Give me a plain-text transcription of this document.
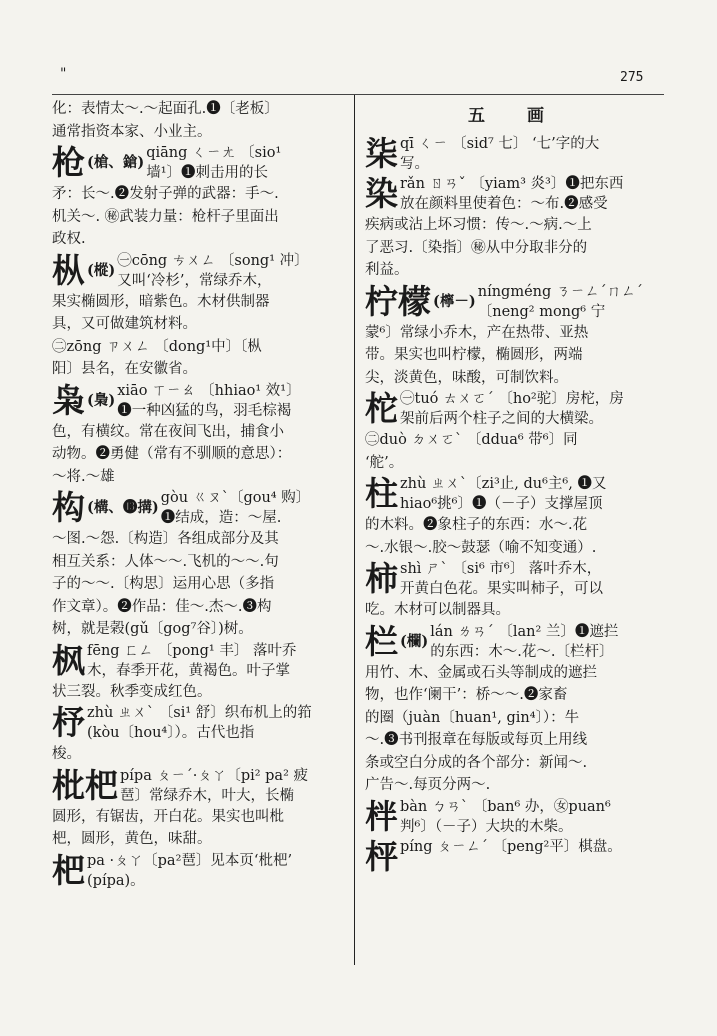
"	275
化：表情太～.～起面孔.❶〔老板〕
通常指资本家、小业主。
枪 (槍、鎗)
qiāng ㄑㄧㄤ 〔sio¹
墙¹〕❶刺击用的长
矛：长～.❷发射子弹的武器：手～.
机关～. ㊙武装力量：枪杆子里面出
政权.
枞 (樅)
㊀cōng ㄘㄨㄥ 〔song¹ 冲〕
又叫‘冷杉’，常绿乔木，
果实椭圆形，暗紫色。木材供制器
具，又可做建筑材料。
㊁zōng ㄗㄨㄥ 〔dong¹中〕〔枞
阳〕县名，在安徽省。
枭 (梟)
xiāo ㄒㄧㄠ 〔hhiao¹ 效¹〕
❶一种凶猛的鸟，羽毛棕褐
色，有横纹。常在夜间飞出，捕食小
动物。❷勇健（常有不驯顺的意思）：
～将.～雄
构 (構、⓭搆)
gòu ㄍㄡˋ〔gou⁴ 购〕
❶结成，造：～屋.
～图.～怨.〔构造〕各组成部分及其
相互关系：人体～～.飞机的～～.句
子的～～.〔构思〕运用心思（多指
作文章）。❷作品：佳～.杰～.❸构
树，就是榖(gǔ〔gog⁷谷〕)树。
枫 fēng ㄈㄥ 〔pong¹ 丰〕 落叶乔
木，春季开花，黄褐色。叶子掌
状三裂。秋季变成红色。
杼 zhù ㄓㄨˋ 〔si¹ 舒〕织布机上的筘
(kòu〔hou⁴〕）。古代也指
梭。
枇杷 pípa ㄆㄧˊ·ㄆㄚ〔pi² pa² 疲
琶〕常绿乔木，叶大，长椭
圆形，有锯齿，开白花。果实也叫枇
杷，圆形，黄色，味甜。
杷 pa ·ㄆㄚ〔pa²琶〕见本页‘枇杷’
(pípa)。
五 画
柒 qī ㄑㄧ 〔sid⁷ 七〕 ‘七’字的大
写。
染 rǎn ㄖㄢˇ 〔yiam³ 炎³〕❶把东西
放在颜料里使着色：～布.❷感受
疾病或沾上坏习惯：传～.～病.～上
了恶习.〔染指〕㊙从中分取非分的
利益。
柠檬 (檸－)
níngméng ㄋㄧㄥˊㄇㄥˊ
〔neng² mong⁶ 宁
蒙⁶〕常绿小乔木，产在热带、亚热
带。果实也叫柠檬，椭圆形，两端
尖，淡黄色，味酸，可制饮料。
柁 ㊀tuó ㄊㄨㄛˊ 〔ho²驼〕房柁，房
架前后两个柱子之间的大横梁。
㊁duò ㄉㄨㄛˋ 〔ddua⁶ 带⁶〕同
‘舵’。
柱 zhù ㄓㄨˋ〔zi³止, du⁶主⁶, ❶又
hiao⁶挑⁶〕❶（－子）支撑屋顶
的木料。❷象柱子的东西：水～.花
～.水银～.胶～鼓瑟（喻不知变通）.
柿 shì ㄕˋ 〔si⁶ 市⁶〕 落叶乔木，
开黄白色花。果实叫柿子，可以
吃。木材可以制器具。
栏 (欄)
lán ㄌㄢˊ 〔lan² 兰〕❶遮拦
的东西：木～.花～.〔栏杆〕
用竹、木、金属或石头等制成的遮拦
物，也作‘阑干’：桥～～.❷家畜
的圈（juàn〔huan¹, gin⁴〕）：牛
～.❸书刊报章在每版或每页上用线
条或空白分成的各个部分：新闻～.
广告～.每页分两～.
柈 bàn ㄅㄢˋ 〔ban⁶ 办，㊛puan⁶
判⁶〕（－子）大块的木柴。
枰 píng ㄆㄧㄥˊ 〔peng²平〕棋盘。
